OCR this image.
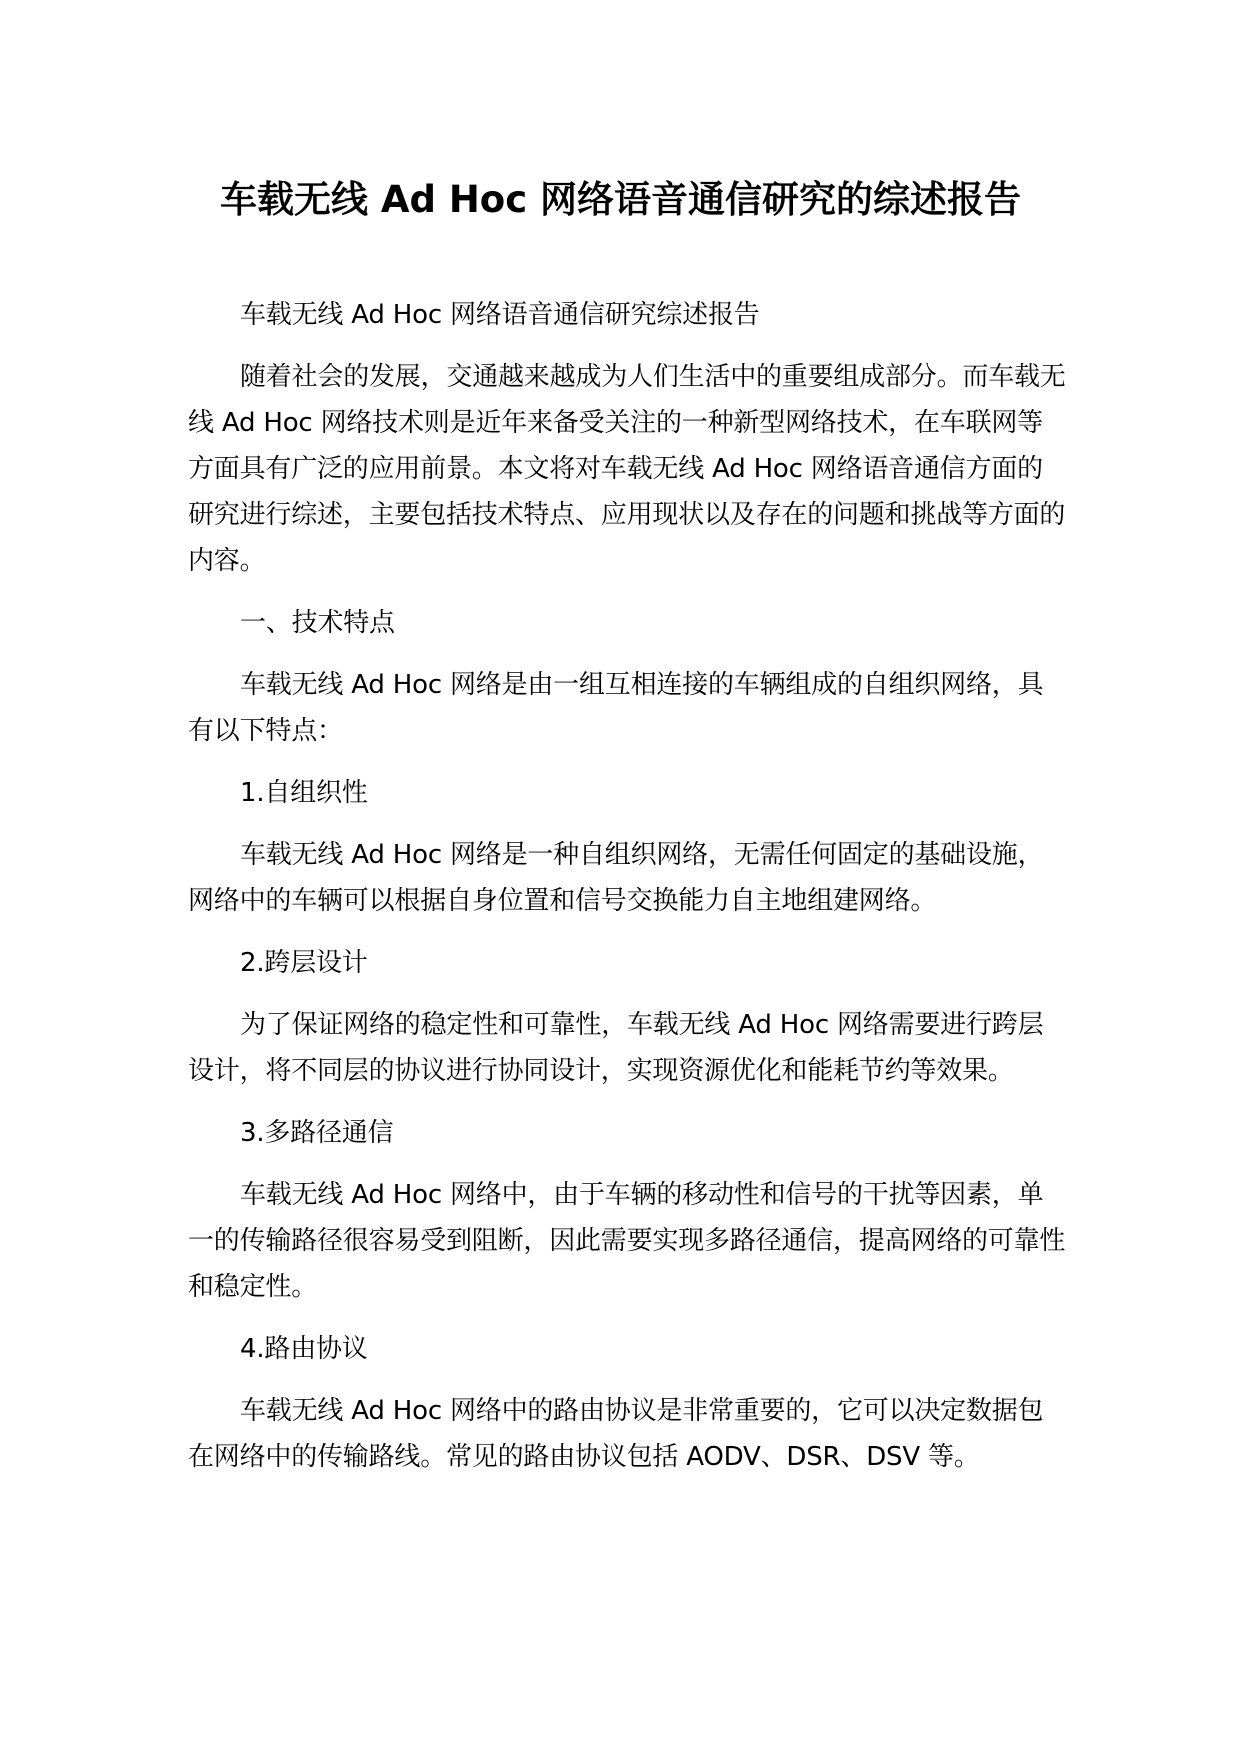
车载无线 Ad Hoc 网络语音通信研究的综述报告

车载无线 Ad Hoc 网络语音通信研究综述报告

随着社会的发展，交通越来越成为人们生活中的重要组成部分。而车载无线 Ad Hoc 网络技术则是近年来备受关注的一种新型网络技术，在车联网等方面具有广泛的应用前景。本文将对车载无线 Ad Hoc 网络语音通信方面的研究进行综述，主要包括技术特点、应用现状以及存在的问题和挑战等方面的内容。

一、技术特点

车载无线 Ad Hoc 网络是由一组互相连接的车辆组成的自组织网络，具有以下特点：

1.自组织性

车载无线 Ad Hoc 网络是一种自组织网络，无需任何固定的基础设施，网络中的车辆可以根据自身位置和信号交换能力自主地组建网络。

2.跨层设计

为了保证网络的稳定性和可靠性，车载无线 Ad Hoc 网络需要进行跨层设计，将不同层的协议进行协同设计，实现资源优化和能耗节约等效果。

3.多路径通信

车载无线 Ad Hoc 网络中，由于车辆的移动性和信号的干扰等因素，单一的传输路径很容易受到阻断，因此需要实现多路径通信，提高网络的可靠性和稳定性。

4.路由协议

车载无线 Ad Hoc 网络中的路由协议是非常重要的，它可以决定数据包在网络中的传输路线。常见的路由协议包括 AODV、DSR、DSV 等。
